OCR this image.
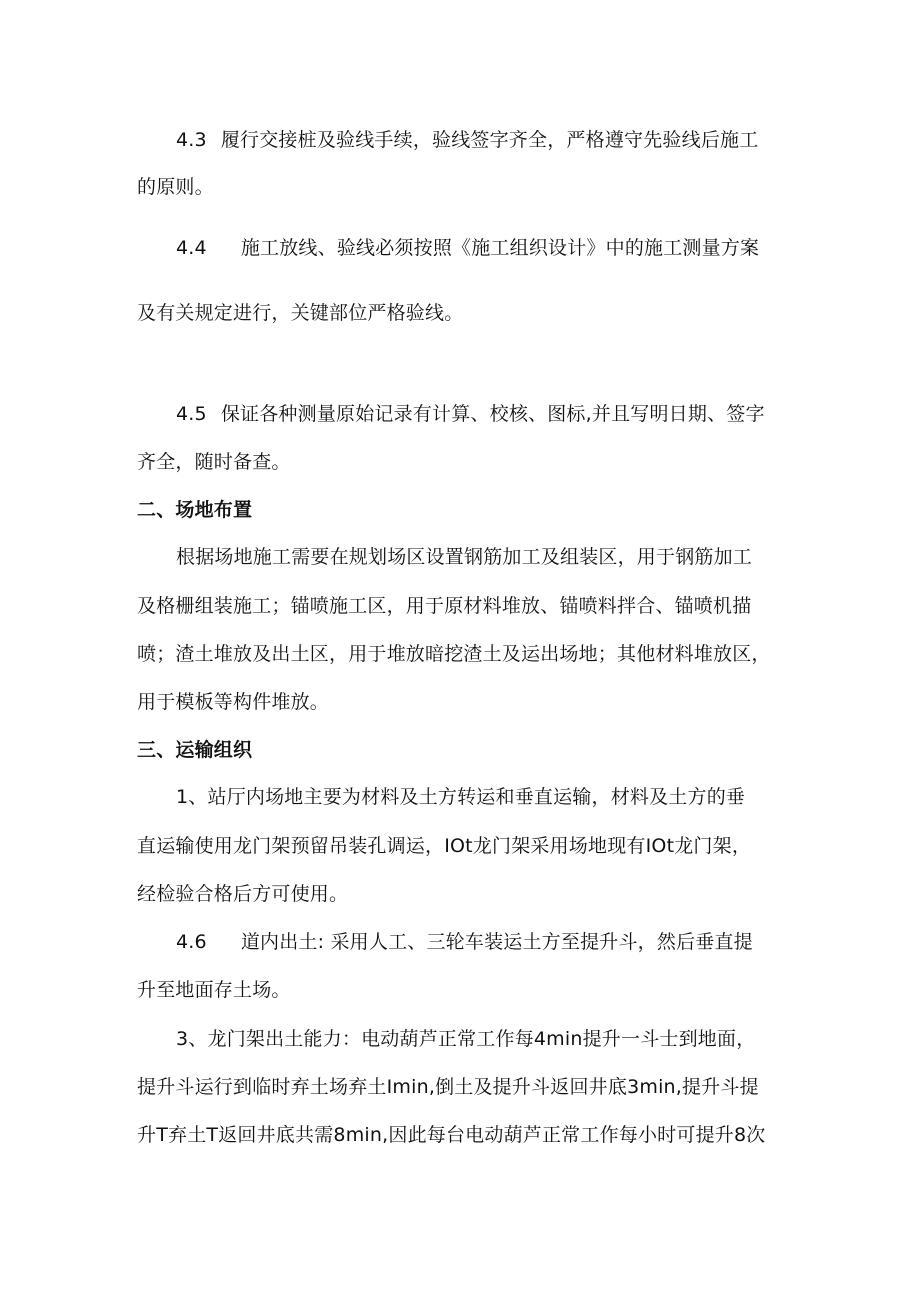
4.3 履行交接桩及验线手续，验线签字齐全，严格遵守先验线后施工
的原则。
4.4 施工放线、验线必须按照《施工组织设计》中的施工测量方案
及有关规定进行，关键部位严格验线。
4.5 保证各种测量原始记录有计算、校核、图标,并且写明日期、签字
齐全，随时备查。
二、场地布置
根据场地施工需要在规划场区设置钢筋加工及组装区，用于钢筋加工
及格栅组装施工；锚喷施工区，用于原材料堆放、锚喷料拌合、锚喷机描
喷；渣土堆放及出土区，用于堆放暗挖渣土及运出场地；其他材料堆放区，
用于模板等构件堆放。
三、运输组织
1、站厅内场地主要为材料及土方转运和垂直运输，材料及土方的垂
直运输使用龙门架预留吊装孔调运，IOt龙门架采用场地现有IOt龙门架，
经检验合格后方可使用。
4.6 道内出土: 采用人工、三轮车装运土方至提升斗，然后垂直提
升至地面存土场。
3、龙门架出土能力：电动葫芦正常工作每4min提升一斗士到地面，
提升斗运行到临时弃土场弃土Imin,倒土及提升斗返回井底3min,提升斗提
升T弃土T返回井底共需8min,因此每台电动葫芦正常工作每小时可提升8次
